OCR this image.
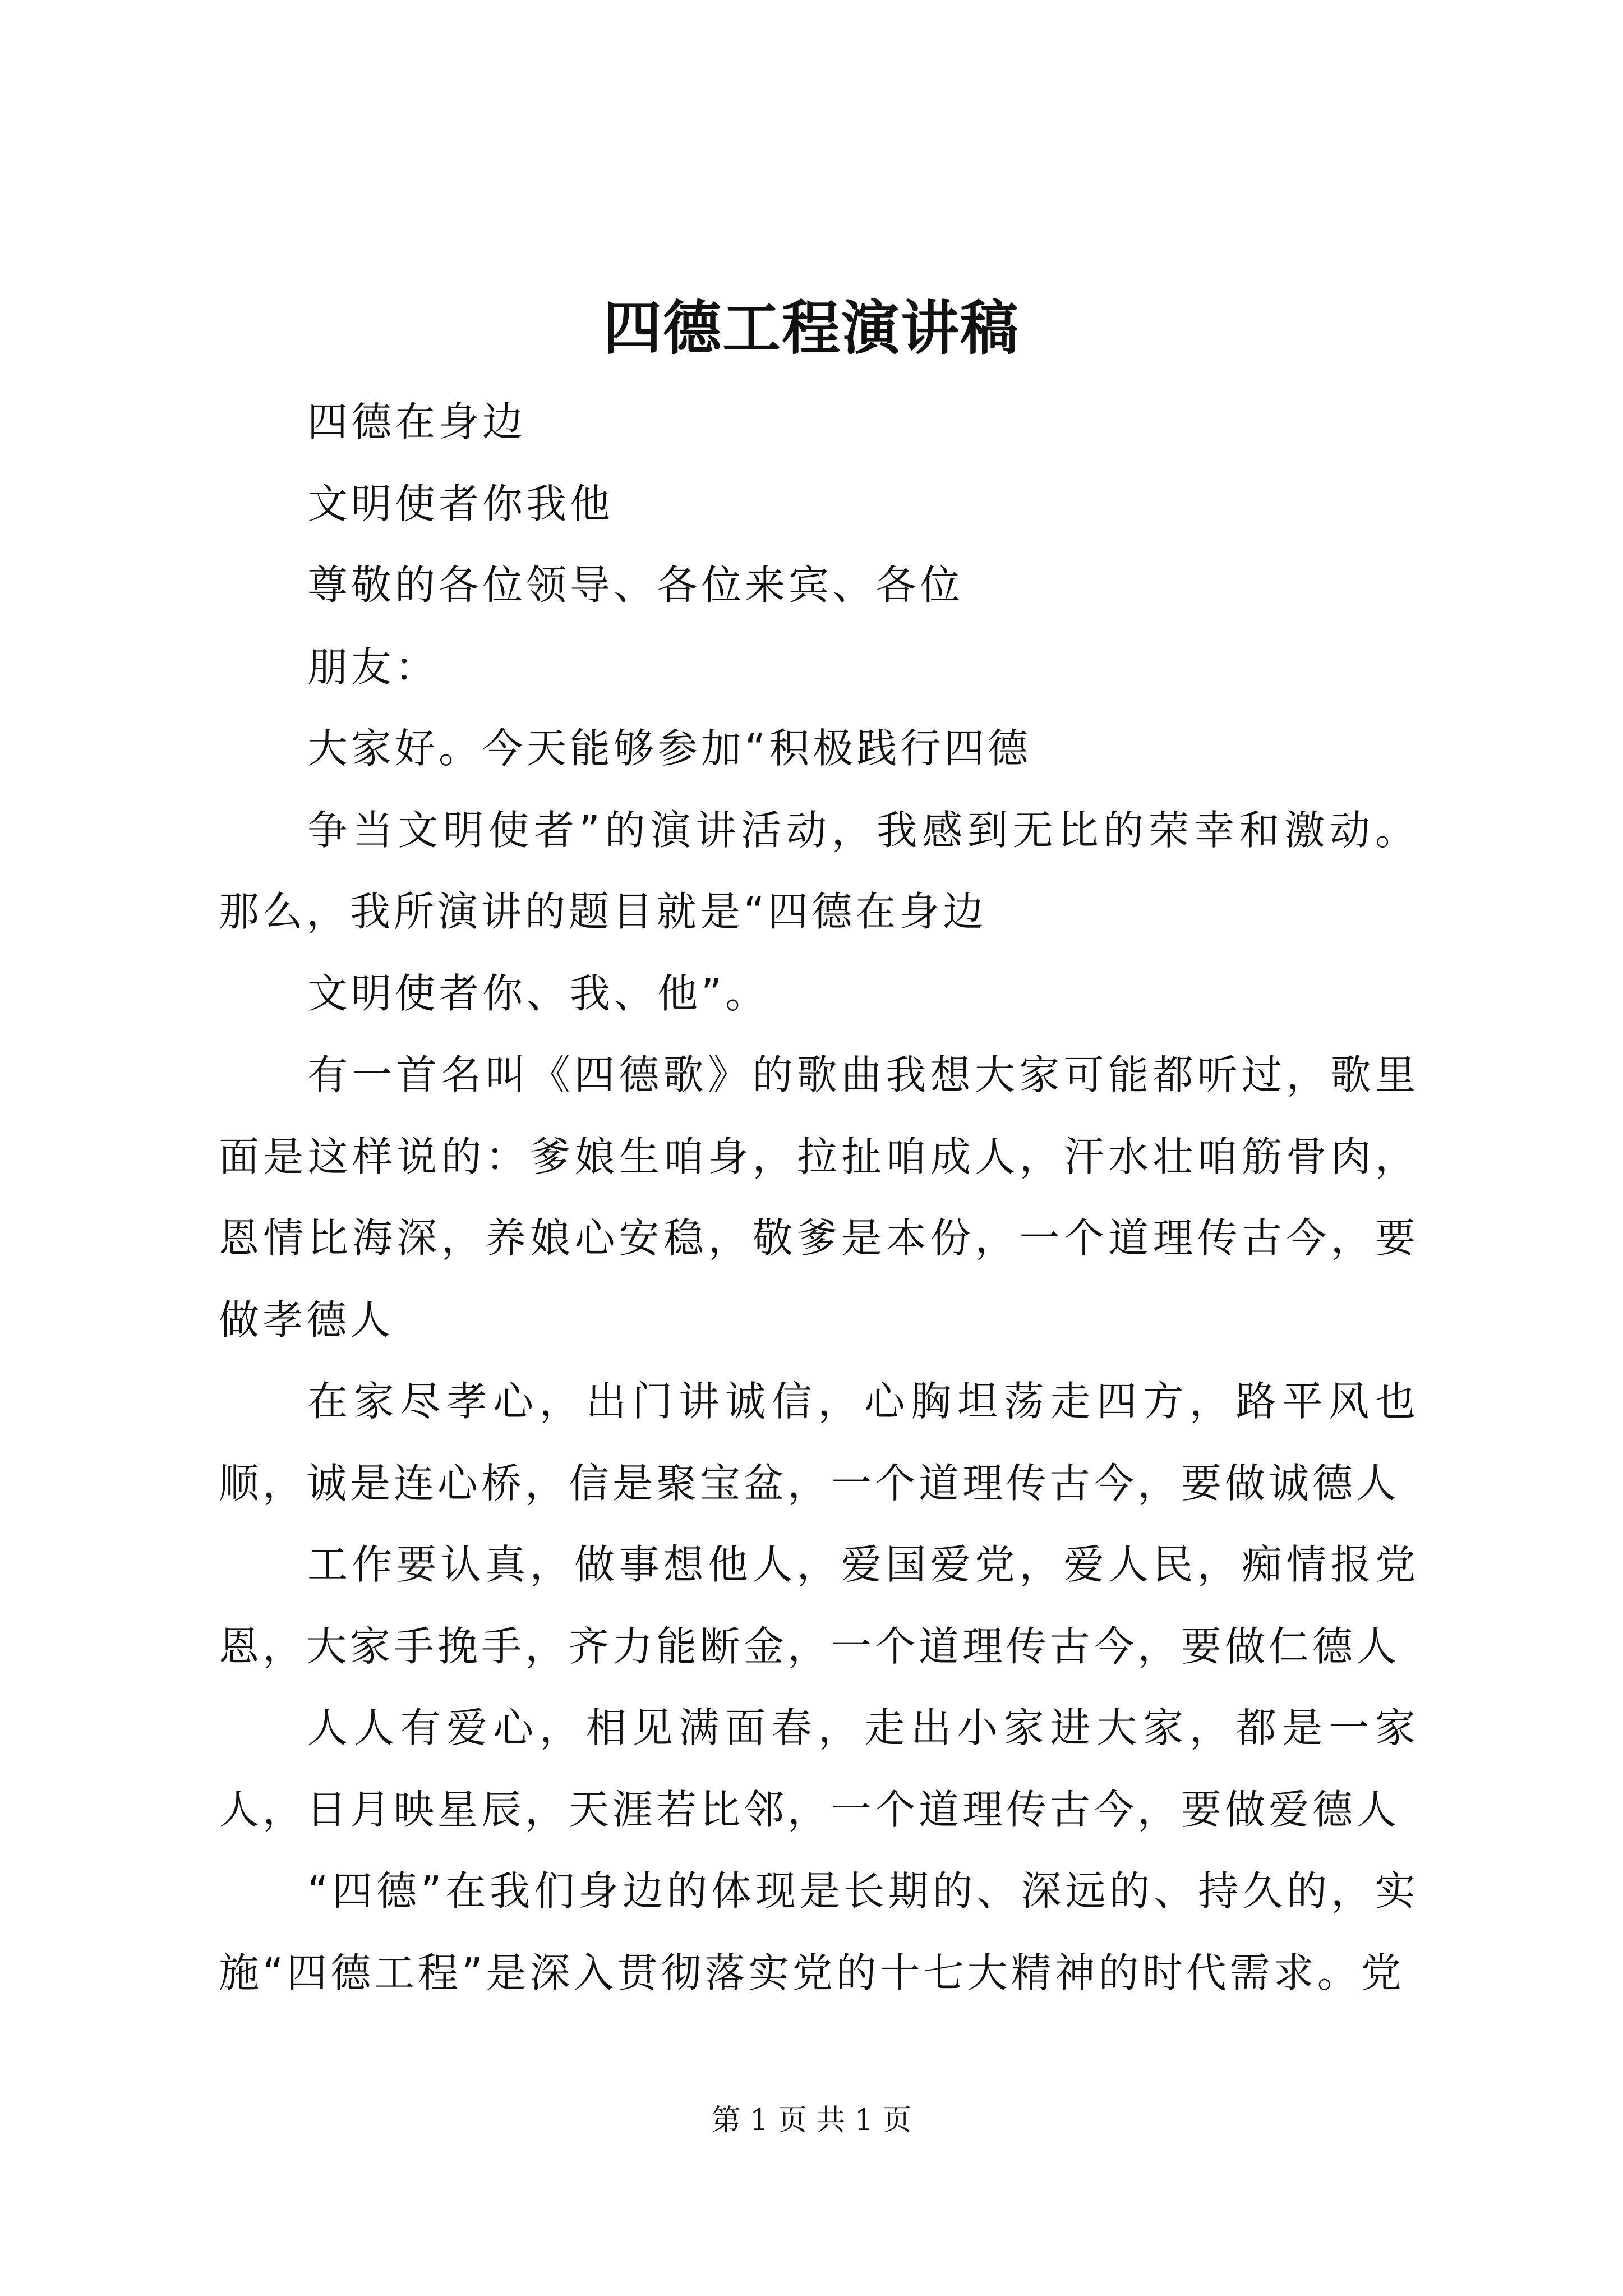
四德工程演讲稿

四德在身边

文明使者你我他

尊敬的各位领导、各位来宾、各位

朋友：

大家好。今天能够参加“积极践行四德

争当文明使者”的演讲活动，我感到无比的荣幸和激动。那么，我所演讲的题目就是“四德在身边

文明使者你、我、他”。

有一首名叫《四德歌》的歌曲我想大家可能都听过，歌里面是这样说的：爹娘生咱身，拉扯咱成人，汗水壮咱筋骨肉，恩情比海深，养娘心安稳，敬爹是本份，一个道理传古今，要做孝德人

在家尽孝心，出门讲诚信，心胸坦荡走四方，路平风也顺，诚是连心桥，信是聚宝盆，一个道理传古今，要做诚德人

工作要认真，做事想他人，爱国爱党，爱人民，痴情报党恩，大家手挽手，齐力能断金，一个道理传古今，要做仁德人

人人有爱心，相见满面春，走出小家进大家，都是一家人，日月映星辰，天涯若比邻，一个道理传古今，要做爱德人

“四德”在我们身边的体现是长期的、深远的、持久的，实施“四德工程”是深入贯彻落实党的十七大精神的时代需求。党

第 1 页 共 1 页
